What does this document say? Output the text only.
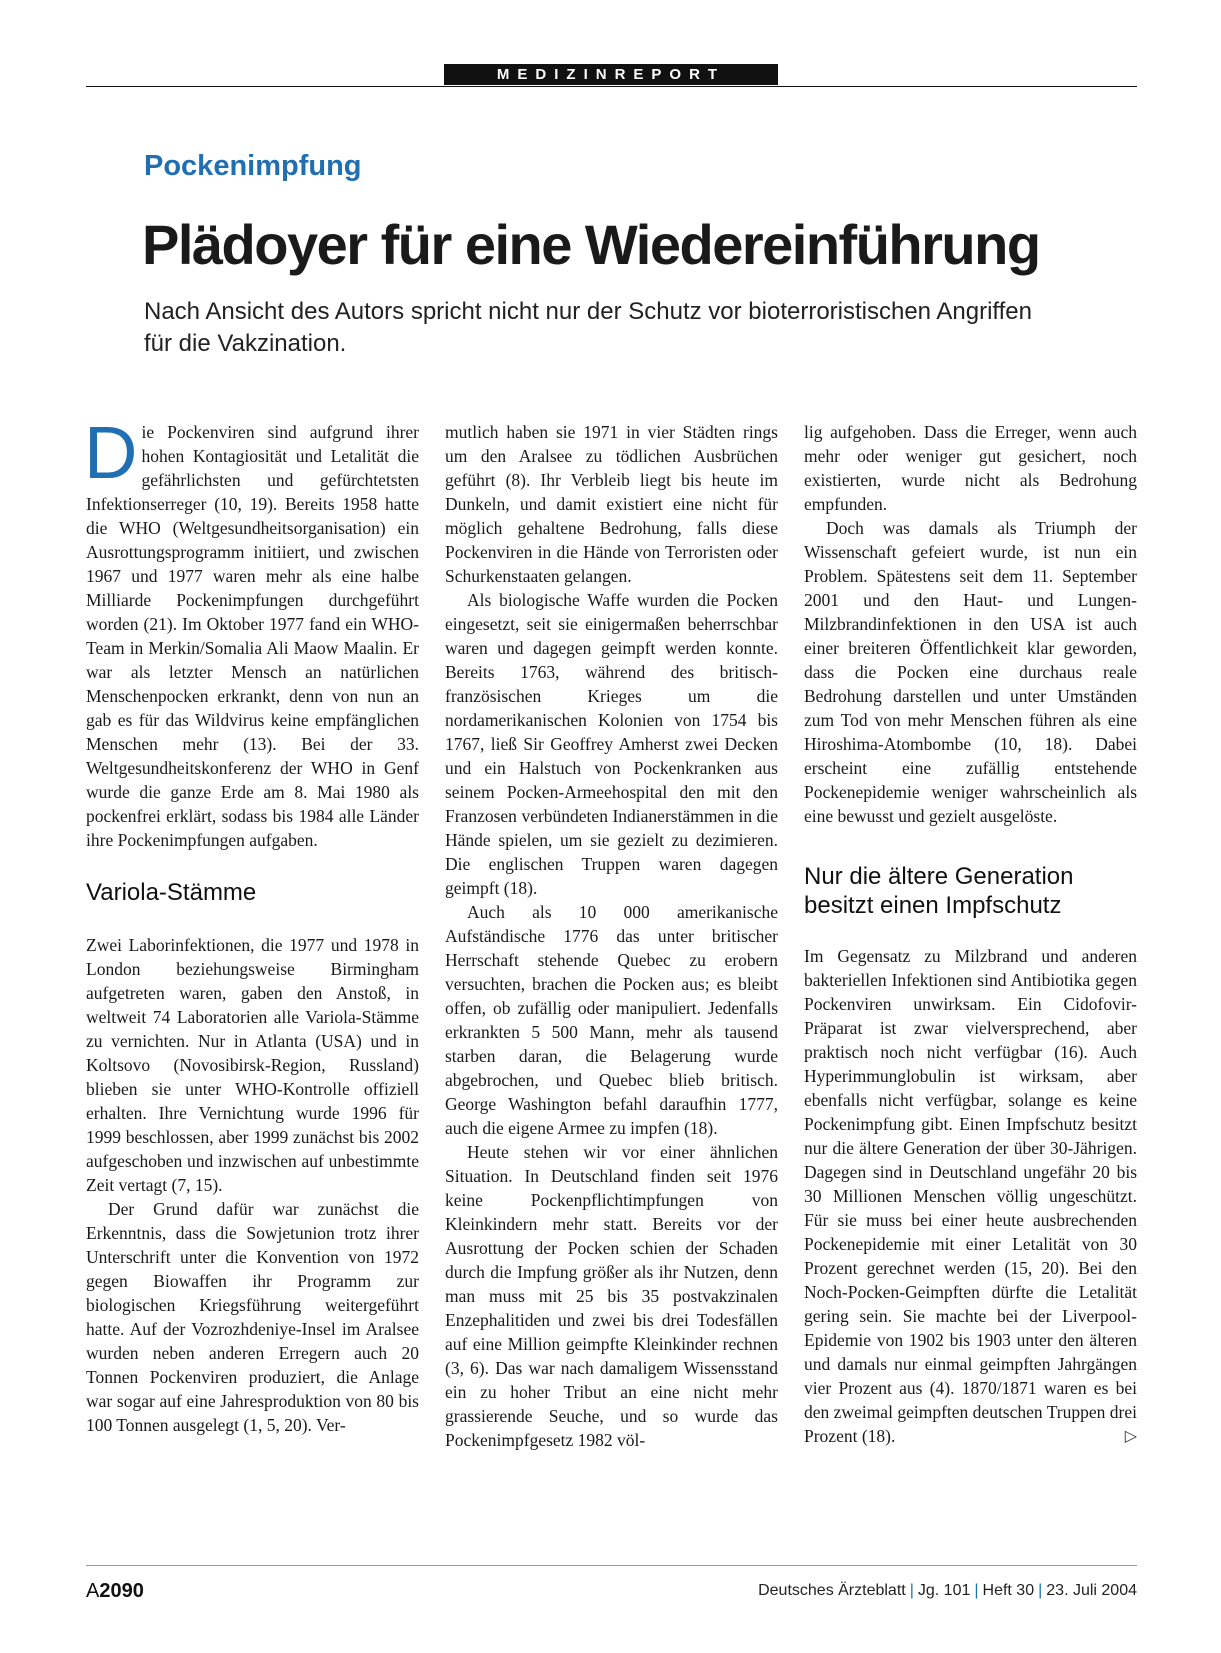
MEDIZINREPORT
Pockenimpfung
Plädoyer für eine Wiedereinführung
Nach Ansicht des Autors spricht nicht nur der Schutz vor bioterroristischen Angriffen für die Vakzination.

Die Pockenviren sind aufgrund ihrer hohen Kontagiosität und Letalität die gefährlichsten und gefürchtetsten Infektionserreger (10, 19). Bereits 1958 hatte die WHO (Weltgesundheitsorganisation) ein Ausrottungsprogramm initiiert, und zwischen 1967 und 1977 waren mehr als eine halbe Milliarde Pockenimpfungen durchgeführt worden (21). Im Oktober 1977 fand ein WHO-Team in Merkin/Somalia Ali Maow Maalin. Er war als letzter Mensch an natürlichen Menschenpocken erkrankt, denn von nun an gab es für das Wildvirus keine empfänglichen Menschen mehr (13). Bei der 33. Weltgesundheitskonferenz der WHO in Genf wurde die ganze Erde am 8. Mai 1980 als pockenfrei erklärt, sodass bis 1984 alle Länder ihre Pockenimpfungen aufgaben.

Variola-Stämme

Zwei Laborinfektionen, die 1977 und 1978 in London beziehungsweise Birmingham aufgetreten waren, gaben den Anstoß, in weltweit 74 Laboratorien alle Variola-Stämme zu vernichten. Nur in Atlanta (USA) und in Koltsovo (Novosibirsk-Region, Russland) blieben sie unter WHO-Kontrolle offiziell erhalten. Ihre Vernichtung wurde 1996 für 1999 beschlossen, aber 1999 zunächst bis 2002 aufgeschoben und inzwischen auf unbestimmte Zeit vertagt (7, 15).

Der Grund dafür war zunächst die Erkenntnis, dass die Sowjetunion trotz ihrer Unterschrift unter die Konvention von 1972 gegen Biowaffen ihr Programm zur biologischen Kriegsführung weitergeführt hatte. Auf der Vozrozhdeniye-Insel im Aralsee wurden neben anderen Erregern auch 20 Tonnen Pockenviren produziert, die Anlage war sogar auf eine Jahresproduktion von 80 bis 100 Tonnen ausgelegt (1, 5, 20). Ver-

mutlich haben sie 1971 in vier Städten rings um den Aralsee zu tödlichen Ausbrüchen geführt (8). Ihr Verbleib liegt bis heute im Dunkeln, und damit existiert eine nicht für möglich gehaltene Bedrohung, falls diese Pockenviren in die Hände von Terroristen oder Schurkenstaaten gelangen.

Als biologische Waffe wurden die Pocken eingesetzt, seit sie einigermaßen beherrschbar waren und dagegen geimpft werden konnte. Bereits 1763, während des britisch-französischen Krieges um die nordamerikanischen Kolonien von 1754 bis 1767, ließ Sir Geoffrey Amherst zwei Decken und ein Halstuch von Pockenkranken aus seinem Pocken-Armeehospital den mit den Franzosen verbündeten Indianerstämmen in die Hände spielen, um sie gezielt zu dezimieren. Die englischen Truppen waren dagegen geimpft (18).

Auch als 10 000 amerikanische Aufständische 1776 das unter britischer Herrschaft stehende Quebec zu erobern versuchten, brachen die Pocken aus; es bleibt offen, ob zufällig oder manipuliert. Jedenfalls erkrankten 5 500 Mann, mehr als tausend starben daran, die Belagerung wurde abgebrochen, und Quebec blieb britisch. George Washington befahl daraufhin 1777, auch die eigene Armee zu impfen (18).

Heute stehen wir vor einer ähnlichen Situation. In Deutschland finden seit 1976 keine Pockenpflichtimpfungen von Kleinkindern mehr statt. Bereits vor der Ausrottung der Pocken schien der Schaden durch die Impfung größer als ihr Nutzen, denn man muss mit 25 bis 35 postvakzinalen Enzephalitiden und zwei bis drei Todesfällen auf eine Million geimpfte Kleinkinder rechnen (3, 6). Das war nach damaligem Wissensstand ein zu hoher Tribut an eine nicht mehr grassierende Seuche, und so wurde das Pockenimpfgesetz 1982 völ-

lig aufgehoben. Dass die Erreger, wenn auch mehr oder weniger gut gesichert, noch existierten, wurde nicht als Bedrohung empfunden.

Doch was damals als Triumph der Wissenschaft gefeiert wurde, ist nun ein Problem. Spätestens seit dem 11. September 2001 und den Haut- und Lungen-Milzbrandinfektionen in den USA ist auch einer breiteren Öffentlichkeit klar geworden, dass die Pocken eine durchaus reale Bedrohung darstellen und unter Umständen zum Tod von mehr Menschen führen als eine Hiroshima-Atombombe (10, 18). Dabei erscheint eine zufällig entstehende Pockenepidemie weniger wahrscheinlich als eine bewusst und gezielt ausgelöste.

Nur die ältere Generation besitzt einen Impfschutz

Im Gegensatz zu Milzbrand und anderen bakteriellen Infektionen sind Antibiotika gegen Pockenviren unwirksam. Ein Cidofovir-Präparat ist zwar vielversprechend, aber praktisch noch nicht verfügbar (16). Auch Hyperimmunglobulin ist wirksam, aber ebenfalls nicht verfügbar, solange es keine Pockenimpfung gibt. Einen Impfschutz besitzt nur die ältere Generation der über 30-Jährigen. Dagegen sind in Deutschland ungefähr 20 bis 30 Millionen Menschen völlig ungeschützt. Für sie muss bei einer heute ausbrechenden Pockenepidemie mit einer Letalität von 30 Prozent gerechnet werden (15, 20). Bei den Noch-Pocken-Geimpften dürfte die Letalität gering sein. Sie machte bei der Liverpool-Epidemie von 1902 bis 1903 unter den älteren und damals nur einmal geimpften Jahrgängen vier Prozent aus (4). 1870/1871 waren es bei den zweimal geimpften deutschen Truppen drei Prozent (18).	▷

A2090	Deutsches Ärzteblatt | Jg. 101 | Heft 30 | 23. Juli 2004
